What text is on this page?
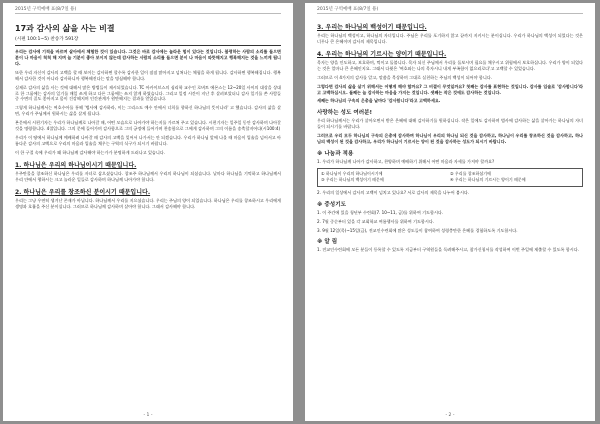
2015년 구역예배 표(8/7일 용)
17과 감사의 삶을 사는 비결
(시편 100:1~5) 찬송가 591장

우리는 감사에 기적을 바르며 살아에서 체험한 것이 있습니다. 그것은 바로 감사에는 놀라운 힘이 있다는 것입니다. 불평하는 사람의 소리를 들으면 분이 나 마음이 척척 해 지며 늘 기분이 좋아 보이지 않는데 감사하는 사람의 소리를 들으면 분이 나 마음이 따뜻해지고 행복해지는 것을 느끼게 됩니다.

또한 우리 자신이 감사의 고백을 할 때 보이는 감사하면 할수록 감사한 일이 점점 많아지고 넘쳐나는 체험을 하게 됩니다. 감사하면 행복해집니다. 행복해서 감사한 것이 아니라 감사하니까 행복해진다는 말을 명심해야 합니다.

실제로 감사의 삶을 사는 것에 대해서 많은 방법들이 제시되었습니다. TC 아카이브스의 심리학 교수인 로버트 에몬스는 12~20일 사이의 대상을 상대로 한 그룹에는 감사의 일기를 매일 쓰게 하고 다른 그룹에는 쓰지 않게 하였습니다. 그리고 일정 시간이 지난 후 살펴보았더니 감사 일기를 쓴 사람들 중 수면의 질도 좋아지고 몸이 건강해지며 인간관계가 원만해지는 결과를 얻었습니다.

그렇게 하나님께서는 여호수아를 통해 '범사에 감사하라, 이는 그리스도 예수 안에서 너희를 향하신 하나님의 뜻이니라' 고 했습니다. 감사의 삶을 살면, 우리가 주님께서 원하시는 삶을 살게 됩니다.

본문에서 시편기자는 우리가 하나님께로 나아갈 때, 어떤 모습으로 나아가야 하는지를 가르쳐 주고 있습니다. 시편기자는 일주일 동안 감사하며 나아갈 것을 명령합니다. 4절입니다. 그의 문에 들어가며 감사함으로 그의 궁정에 들어가며 찬송함으로 그에게 감사하며 그의 이름을 송축할지어다(시100:4)

우리가 이 땅에서 하나님께 예배하려 나아갈 때 감사의 고백을 잊어서 나가서는 안 되겠습니다. 우리가 하나님 앞에 나올 때 마음이 입술을 넘어서고 아름다운 감사의 고백으로 우리의 마음과 입술을 채우는 구역의 식구가 되시기 바랍니다.

이 한 구절 속에 우리가 왜 하나님께 감사해야 하는가가 분명하게 드러나고 있습니다.

1. 하나님은 우리의 하나님이시기 때문입니다.

우주만물을 창조하신 하나님은 우리를 자녀로 삼으셨습니다. 창조주 하나님께서 우리의 하나님이 되셨습니다. 날마다 하나님을 기억하고 하나님께서 우리 안에서 행하시는 크고 놀라운 일들로 감사하며 하나님께 나아가야 합니다.

2. 하나님은 우리를 창조하신 분이시기 때문입니다.

우리는 그냥 우연히 생겨난 존재가 아닙니다. 하나님께서 우리를 지으셨습니다. 우리는 주님의 양이 되었습니다. 하나님은 우리를 창조하시고 우리에게 생명과 호흡을 주신 분이십니다. 그러므로 하나님께 감사하며 살아야 합니다. 그래서 감사해야 합니다.

- 1 -
2015년 구역예배 표(8/7일 용)
3. 우리는 하나님의 백성이기 때문입니다.

우리는 하나님의 백성이고, 하나님의 자녀입니다. 주님은 우리를 포기하지 않고 끝까지 지키시는 분이십니다. 우리가 하나님의 백성이 되었다는 것은 너무나 큰 은혜이며 감사의 제목입니다.

4. 우리는 하나님의 기르시는 양이기 때문입니다.

목자는 양을 인도하고, 보호하며, 먹이고 돌봅니다. 목자 되신 주님께서 우리를 돌보시며 필요를 채우시고 위험에서 보호하십니다. 우리가 양이 되었다는 것은 얼마나 큰 은혜인지요. 그래서 다윗은 '여호와는 나의 목자시니 내게 부족함이 없으리로다'고 고백할 수 있었습니다.

그러므로 이 4가지의 감사를 알고, 말씀을 묵상하며 그대로 실천하는 주님의 백성이 되어야 합니다.

그렇다면 감사의 삶을 살기 위해서는 어떻게 해야 할까요? 그 비결이 무엇일까요? 첫째는 감사를 표현하는 것입니다. 감사를 입술로 '감사합니다'라고 고백하십시오. 둘째는 늘 감사하는 마음을 가지는 것입니다. 셋째는 작은 것에도 감사하는 것입니다.

세째는 하나님의 구속의 은총을 날마다 '감사합니다'라고 고백하세요.

사랑하는 성도 여러분!

우리 하나님께서는 우리가 살아오면서 받은 은혜에 대해 감사하기를 원하십니다. 작은 일에도 감사하며 범사에 감사하는 삶을 살아가는 하나님의 자녀들이 되시기를 바랍니다.

그러므로 우리 모두 하나님의 구속의 은총에 감사하며 하나님이 우리의 하나님 되신 것을 감사하고, 하나님이 우리를 창조하신 것을 감사하고, 하나님의 백성이 된 것을 감사하고, 우리가 하나님이 기르시는 양이 된 것을 감사하는 성도가 되시기 바랍니다.

※ 나눔과 적용

1. 우리가 하나님께 나아가 감사하고, 찬양하며 예배하기 위해서 어떤 마음과 자세를 가져야 할까요?

① 하나님이 우리의 하나님이시기에	② 우리를 창조하셨기에
③ 우리는 하나님의 백성이기 때문에	④ 우리는 하나님의 기르시는 양이기 때문에

2. 우리의 일상에서 감사의 고백이 넘치고 있나요? 서로 감사의 제목을 나누어 봅시다.

※ 중성기도

1. 이 주간에 있을 청년부 수련회(7. 10~11, 금)를 위하여 기도합시다.

2. 7월 중순부터 있을 각 교회학교 여름행사를 위하여 기도합시다.

3. 9월 12일(목)~15일(금), 전교인수련회에 많은 성도들이 참여하여 성령충만한 은혜를 경험하도록 기도합시다.

※ 알 림

1. 전교인수련회에 모든 분들이 등록할 수 있도록 지금부터 구역원들을 독려해주시고, 참가신청서를 작성하여 이번 주일에 제출할 수 있도록 합시다.

- 2 -
